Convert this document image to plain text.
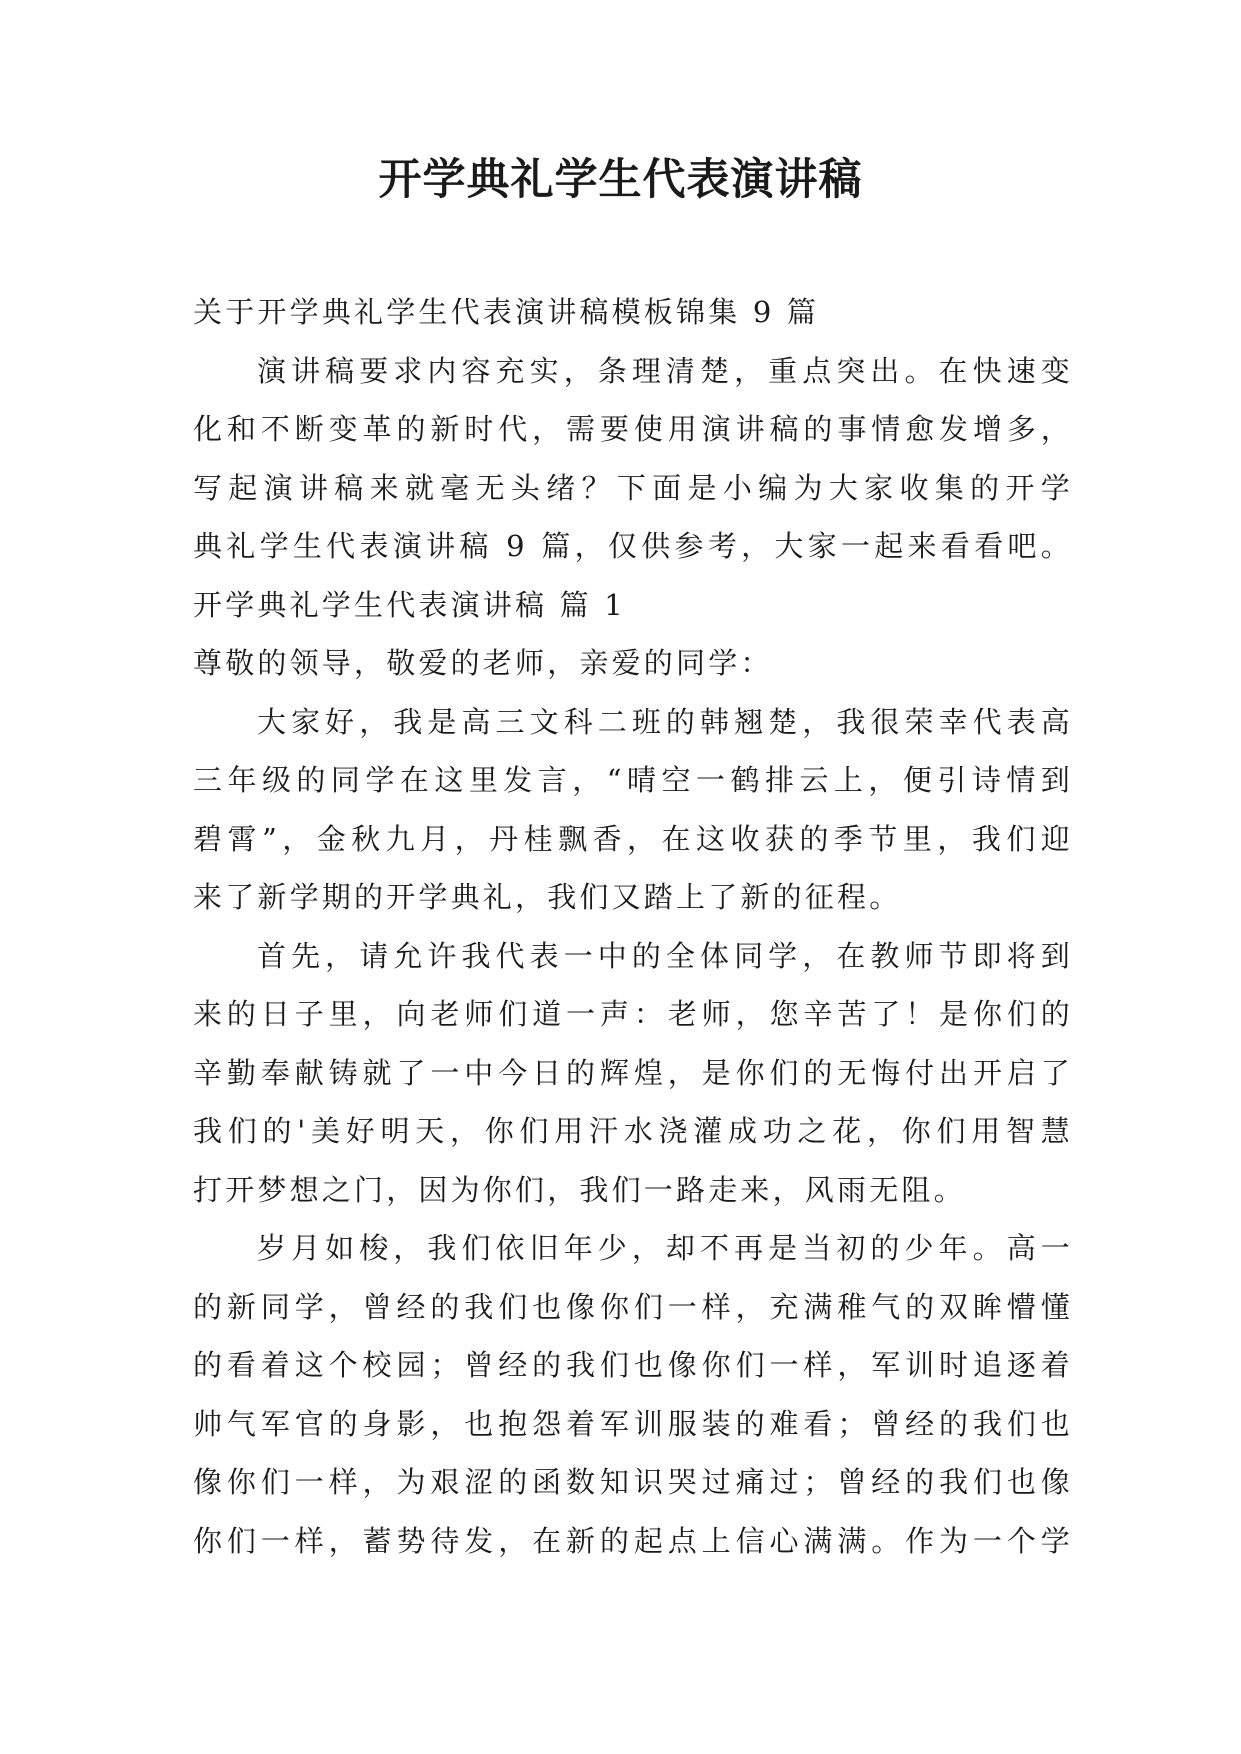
开学典礼学生代表演讲稿
关于开学典礼学生代表演讲稿模板锦集 9 篇
演讲稿要求内容充实，条理清楚，重点突出。在快速变
化和不断变革的新时代，需要使用演讲稿的事情愈发增多，
写起演讲稿来就毫无头绪？下面是小编为大家收集的开学
典礼学生代表演讲稿 9 篇，仅供参考，大家一起来看看吧。
开学典礼学生代表演讲稿 篇 1
尊敬的领导，敬爱的老师，亲爱的同学：
大家好，我是高三文科二班的韩翘楚，我很荣幸代表高
三年级的同学在这里发言，“晴空一鹤排云上，便引诗情到
碧霄”，金秋九月，丹桂飘香，在这收获的季节里，我们迎
来了新学期的开学典礼，我们又踏上了新的征程。
首先，请允许我代表一中的全体同学，在教师节即将到
来的日子里，向老师们道一声：老师，您辛苦了！是你们的
辛勤奉献铸就了一中今日的辉煌，是你们的无悔付出开启了
我们的'美好明天，你们用汗水浇灌成功之花，你们用智慧
打开梦想之门，因为你们，我们一路走来，风雨无阻。
岁月如梭，我们依旧年少，却不再是当初的少年。高一
的新同学，曾经的我们也像你们一样，充满稚气的双眸懵懂
的看着这个校园；曾经的我们也像你们一样，军训时追逐着
帅气军官的身影，也抱怨着军训服装的难看；曾经的我们也
像你们一样，为艰涩的函数知识哭过痛过；曾经的我们也像
你们一样，蓄势待发，在新的起点上信心满满。作为一个学
